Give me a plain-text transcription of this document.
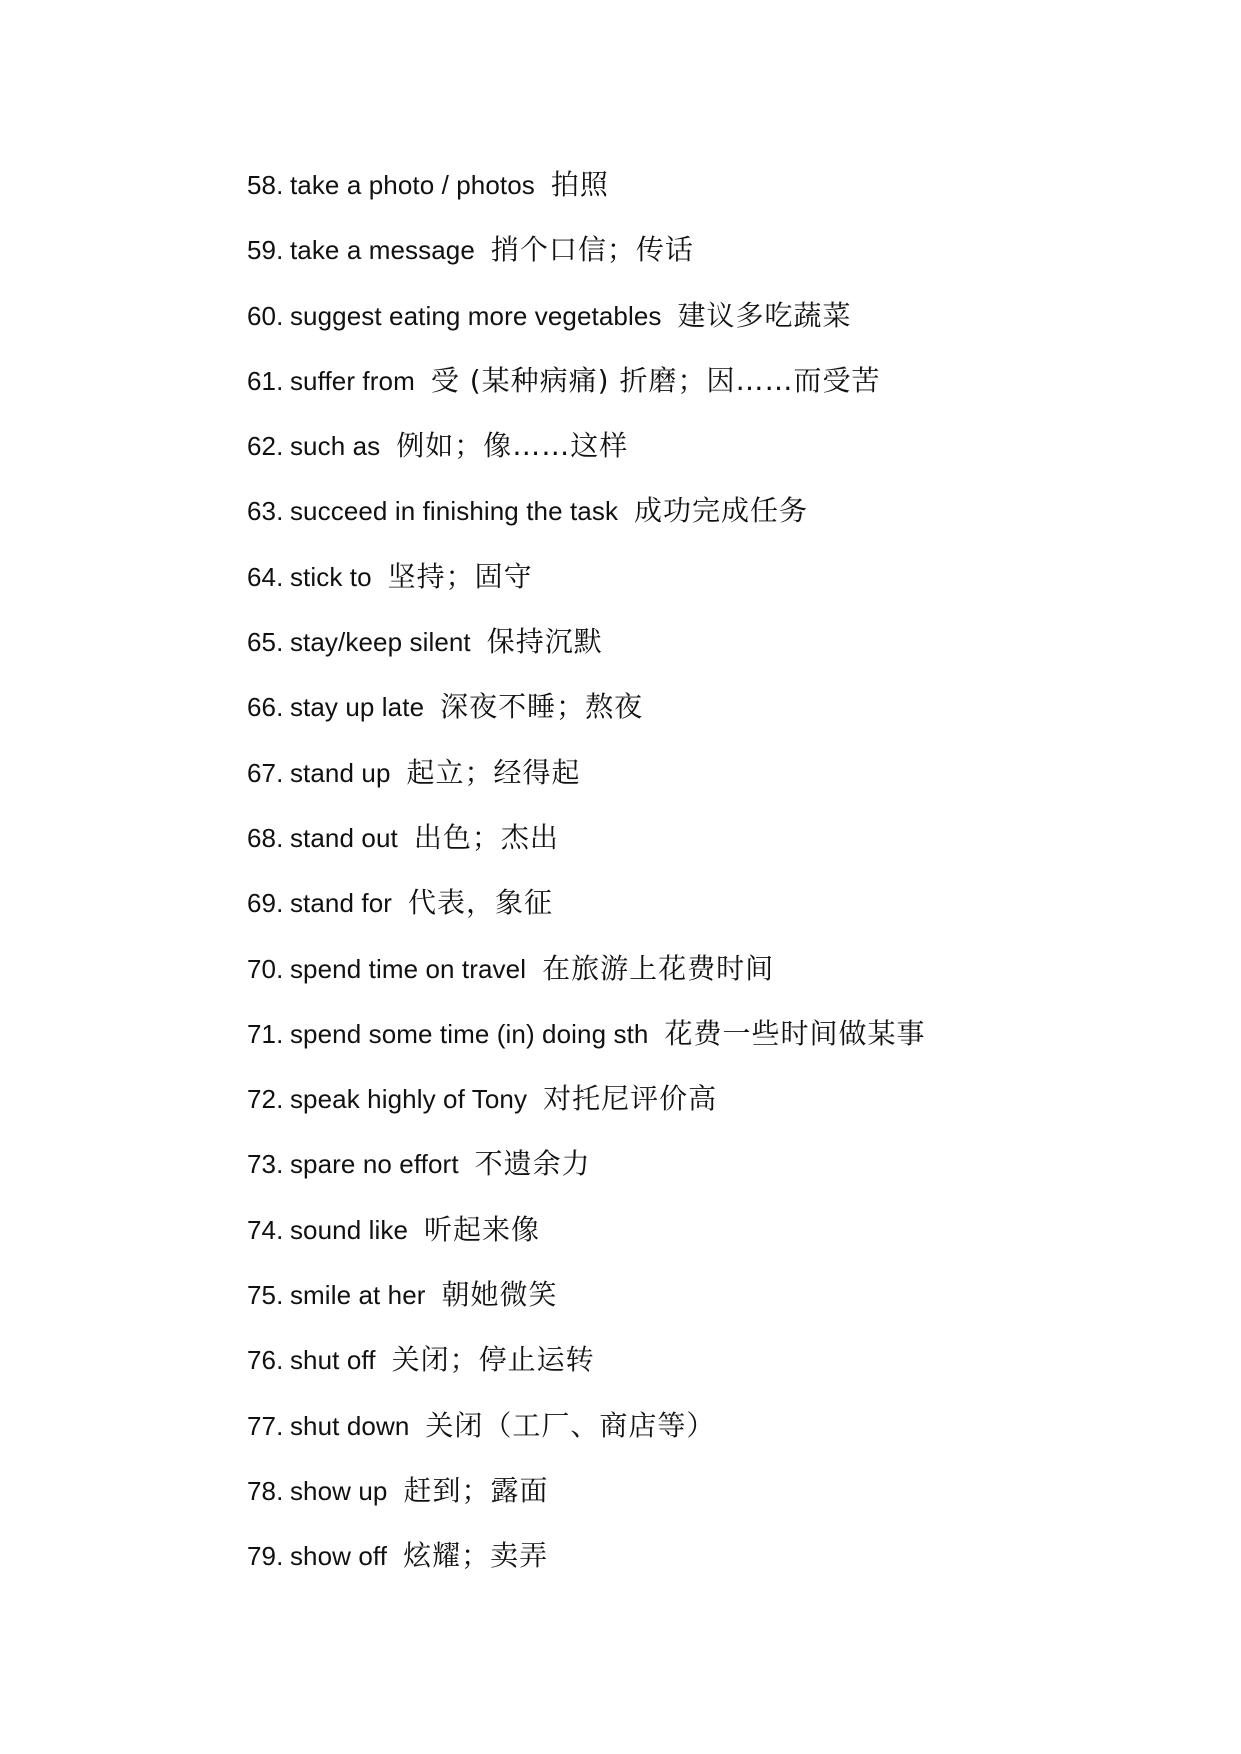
58. take a photo / photos 拍照
59. take a message 捎个口信；传话
60. suggest eating more vegetables 建议多吃蔬菜
61. suffer from 受 (某种病痛) 折磨；因……而受苦
62. such as 例如；像……这样
63. succeed in finishing the task 成功完成任务
64. stick to 坚持；固守
65. stay/keep silent 保持沉默
66. stay up late 深夜不睡；熬夜
67. stand up 起立；经得起
68. stand out 出色；杰出
69. stand for 代表，象征
70. spend time on travel 在旅游上花费时间
71. spend some time (in) doing sth 花费一些时间做某事
72. speak highly of Tony 对托尼评价高
73. spare no effort 不遗余力
74. sound like 听起来像
75. smile at her 朝她微笑
76. shut off 关闭；停止运转
77. shut down 关闭（工厂、商店等）
78. show up 赶到；露面
79. show off 炫耀；卖弄
